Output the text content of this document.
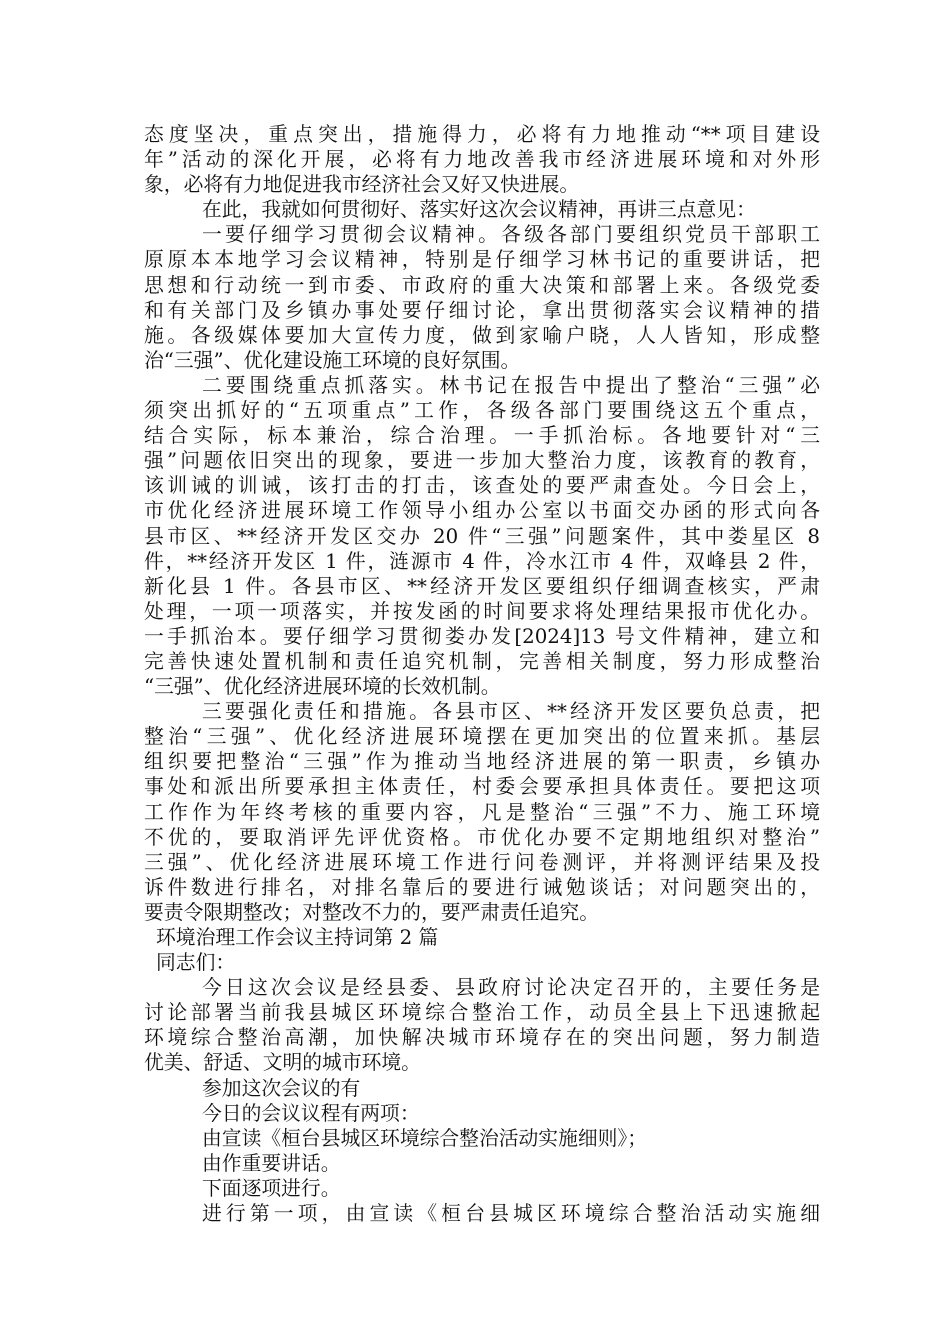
态度坚决，重点突出，措施得力，必将有力地推动“**项目建设
年”活动的深化开展，必将有力地改善我市经济进展环境和对外形
象，必将有力地促进我市经济社会又好又快进展。
在此，我就如何贯彻好、落实好这次会议精神，再讲三点意见：
一要仔细学习贯彻会议精神。各级各部门要组织党员干部职工
原原本本地学习会议精神，特别是仔细学习林书记的重要讲话，把
思想和行动统一到市委、市政府的重大决策和部署上来。各级党委
和有关部门及乡镇办事处要仔细讨论，拿出贯彻落实会议精神的措
施。各级媒体要加大宣传力度，做到家喻户晓，人人皆知，形成整
治“三强”、优化建设施工环境的良好氛围。
二要围绕重点抓落实。林书记在报告中提出了整治“三强”必
须突出抓好的“五项重点”工作，各级各部门要围绕这五个重点，
结合实际，标本兼治，综合治理。一手抓治标。各地要针对“三
强”问题依旧突出的现象，要进一步加大整治力度，该教育的教育，
该训诫的训诫，该打击的打击，该查处的要严肃查处。今日会上，
市优化经济进展环境工作领导小组办公室以书面交办函的形式向各
县市区、**经济开发区交办 20 件“三强”问题案件，其中娄星区 8
件，**经济开发区 1 件，涟源市 4 件，冷水江市 4 件，双峰县 2 件，
新化县 1 件。各县市区、**经济开发区要组织仔细调查核实，严肃
处理，一项一项落实，并按发函的时间要求将处理结果报市优化办。
一手抓治本。要仔细学习贯彻娄办发[2024]13 号文件精神，建立和
完善快速处置机制和责任追究机制，完善相关制度，努力形成整治
“三强”、优化经济进展环境的长效机制。
三要强化责任和措施。各县市区、**经济开发区要负总责，把
整治“三强”、优化经济进展环境摆在更加突出的位置来抓。基层
组织要把整治“三强”作为推动当地经济进展的第一职责，乡镇办
事处和派出所要承担主体责任，村委会要承担具体责任。要把这项
工作作为年终考核的重要内容，凡是整治“三强”不力、施工环境
不优的，要取消评先评优资格。市优化办要不定期地组织对整治”
三强”、优化经济进展环境工作进行问卷测评，并将测评结果及投
诉件数进行排名，对排名靠后的要进行诫勉谈话；对问题突出的，
要责令限期整改；对整改不力的，要严肃责任追究。
环境治理工作会议主持词第 2 篇
同志们：
今日这次会议是经县委、县政府讨论决定召开的，主要任务是
讨论部署当前我县城区环境综合整治工作，动员全县上下迅速掀起
环境综合整治高潮，加快解决城市环境存在的突出问题，努力制造
优美、舒适、文明的城市环境。
参加这次会议的有
今日的会议议程有两项：
由宣读《桓台县城区环境综合整治活动实施细则》；
由作重要讲话。
下面逐项进行。
进行第一项，由宣读《桓台县城区环境综合整治活动实施细
